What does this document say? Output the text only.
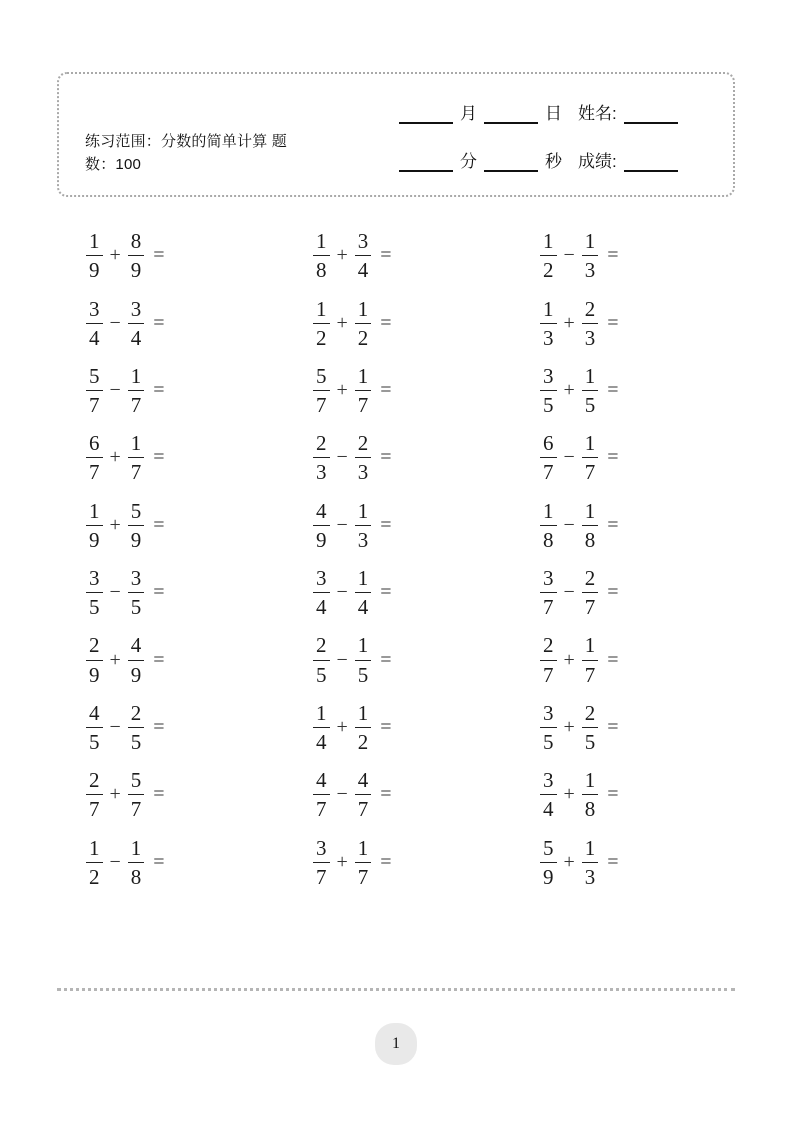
练习范围：分数的简单计算 题数：100
月	日 姓名:
分	秒 成绩:
$\frac{1}{9} + \frac{8}{9}$ =	$\frac{1}{8} + \frac{3}{4}$ =	$\frac{1}{2} - \frac{1}{3}$ =
$\frac{3}{4} - \frac{3}{4}$ =	$\frac{1}{2} + \frac{1}{2}$ =	$\frac{1}{3} + \frac{2}{3}$ =
$\frac{5}{7} - \frac{1}{7}$ =	$\frac{5}{7} + \frac{1}{7}$ =	$\frac{3}{5} + \frac{1}{5}$ =
$\frac{6}{7} + \frac{1}{7}$ =	$\frac{2}{3} - \frac{2}{3}$ =	$\frac{6}{7} - \frac{1}{7}$ =
$\frac{1}{9} + \frac{5}{9}$ =	$\frac{4}{9} - \frac{1}{3}$ =	$\frac{1}{8} - \frac{1}{8}$ =
$\frac{3}{5} - \frac{3}{5}$ =	$\frac{3}{4} - \frac{1}{4}$ =	$\frac{3}{7} - \frac{2}{7}$ =
$\frac{2}{9} + \frac{4}{9}$ =	$\frac{2}{5} - \frac{1}{5}$ =	$\frac{2}{7} + \frac{1}{7}$ =
$\frac{4}{5} - \frac{2}{5}$ =	$\frac{1}{4} + \frac{1}{2}$ =	$\frac{3}{5} + \frac{2}{5}$ =
$\frac{2}{7} + \frac{5}{7}$ =	$\frac{4}{7} - \frac{4}{7}$ =	$\frac{3}{4} + \frac{1}{8}$ =
$\frac{1}{2} - \frac{1}{8}$ =	$\frac{3}{7} + \frac{1}{7}$ =	$\frac{5}{9} + \frac{1}{3}$ =
1
